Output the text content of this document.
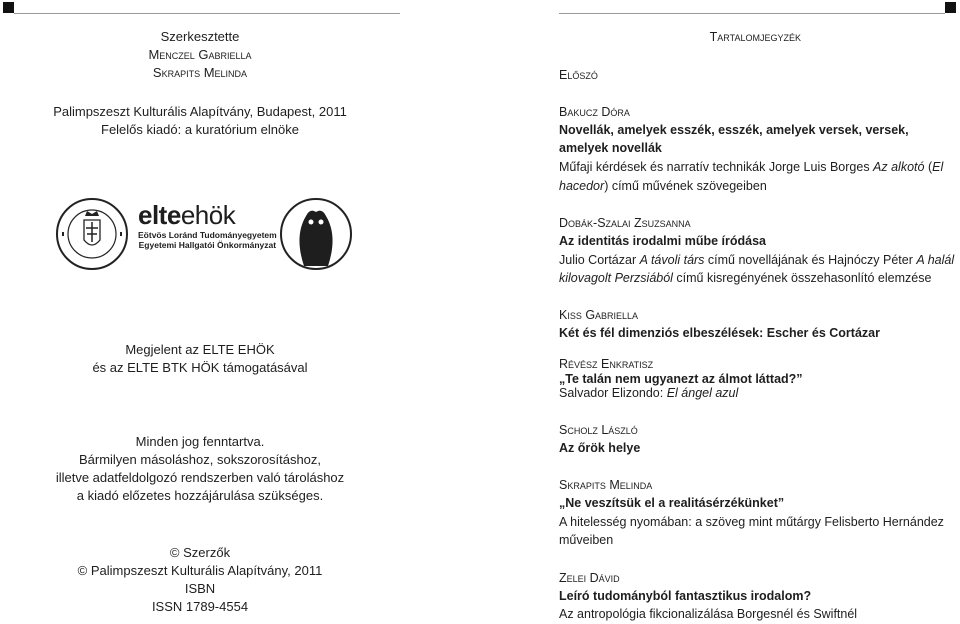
Szerkesztette
Menczel Gabriella
Skrapits Melinda
Palimpszeszt Kulturális Alapítvány, Budapest, 2011
Felelős kiadó: a kuratórium elnöke
elteehök
Eötvös Loránd Tudományegyetem
Egyetemi Hallgatói Önkormányzat
Megjelent az ELTE EHÖK
és az ELTE BTK HÖK támogatásával
Minden jog fenntartva.
Bármilyen másoláshoz, sokszorosításhoz,
illetve adatfeldolgozó rendszerben való tároláshoz
a kiadó előzetes hozzájárulása szükséges.
© Szerzők
© Palimpszeszt Kulturális Alapítvány, 2011
ISBN
ISSN 1789-4554
Tartalomjegyzék
Előszó
Bakucz Dóra
Novellák, amelyek esszék, esszék, amelyek versek, versek,
amelyek novellák
Műfaji kérdések és narratív technikák Jorge Luis Borges Az alkotó (El
hacedor) című művének szövegeiben
Dobák-Szalai Zsuzsanna
Az identitás irodalmi műbe íródása
Julio Cortázar A távoli társ című novellájának és Hajnóczy Péter A halál
kilovagolt Perzsiából című kisregényének összehasonlító elemzése
Kiss Gabriella
Két és fél dimenziós elbeszélések: Escher és Cortázar
Révész Enkratisz
„Te talán nem ugyanezt az álmot láttad?”
Salvador Elizondo: El ángel azul
Scholz László
Az őrök helye
Skrapits Melinda
„Ne veszítsük el a realitásérzékünket”
A hitelesség nyomában: a szöveg mint műtárgy Felisberto Hernández
műveiben
Zelei Dávid
Leíró tudományból fantasztikus irodalom?
Az antropológia fikcionalizálása Borgesnél és Swiftnél
